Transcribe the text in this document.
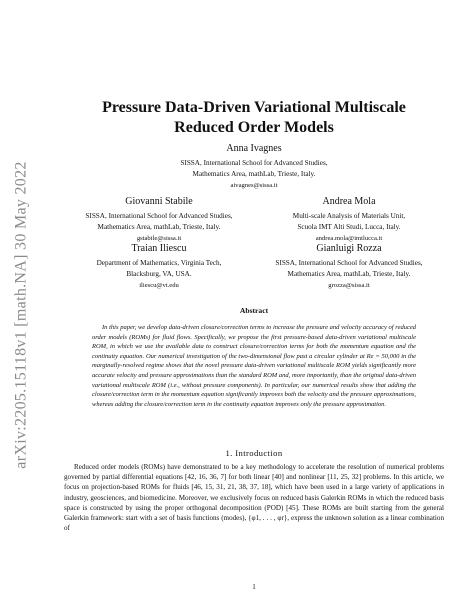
arXiv:2205.15118v1 [math.NA] 30 May 2022
Pressure Data-Driven Variational Multiscale
Reduced Order Models
Anna Ivagnes
SISSA, International School for Advanced Studies,
Mathematics Area, mathLab, Trieste, Italy.
aivagnes@sissa.it
Giovanni Stabile
SISSA, International School for Advanced Studies,
Mathematics Area, mathLab, Trieste, Italy.
gstabile@sissa.it
Andrea Mola
Multi-scale Analysis of Materials Unit,
Scuola IMT Alti Studi, Lucca, Italy.
andrea.mola@imtlucca.it
Traian Iliescu
Department of Mathematics, Virginia Tech,
Blacksburg, VA, USA.
iliescu@vt.edu
Gianluigi Rozza
SISSA, International School for Advanced Studies,
Mathematics Area, mathLab, Trieste, Italy.
grozza@sissa.it
Abstract
In this paper, we develop data-driven closure/correction terms to increase the pressure and velocity accuracy of reduced order models (ROMs) for fluid flows. Specifically, we propose the first pressure-based data-driven variational multiscale ROM, in which we use the available data to construct closure/correction terms for both the momentum equation and the continuity equation. Our numerical investigation of the two-dimensional flow past a circular cylinder at Re = 50,000 in the marginally-resolved regime shows that the novel pressure data-driven variational multiscale ROM yields significantly more accurate velocity and pressure approximations than the standard ROM and, more importantly, than the original data-driven variational multiscale ROM (i.e., without pressure components). In particular, our numerical results show that adding the closure/correction term in the momentum equation significantly improves both the velocity and the pressure approximations, whereas adding the closure/correction term in the continuity equation improves only the pressure approximation.
1. Introduction
Reduced order models (ROMs) have demonstrated to be a key methodology to accelerate the resolution of numerical problems governed by partial differential equations [42, 16, 36, 7] for both linear [40] and nonlinear [11, 25, 32] problems. In this article, we focus on projection-based ROMs for fluids [46, 15, 31, 21, 38, 37, 18], which have been used in a large variety of applications in industry, geosciences, and biomedicine. Moreover, we exclusively focus on reduced basis Galerkin ROMs in which the reduced basis space is constructed by using the proper orthogonal decomposition (POD) [45]. These ROMs are built starting from the general Galerkin framework: start with a set of basis functions (modes), {φ1, . . . , φr}, express the unknown solution as a linear combination of
1
